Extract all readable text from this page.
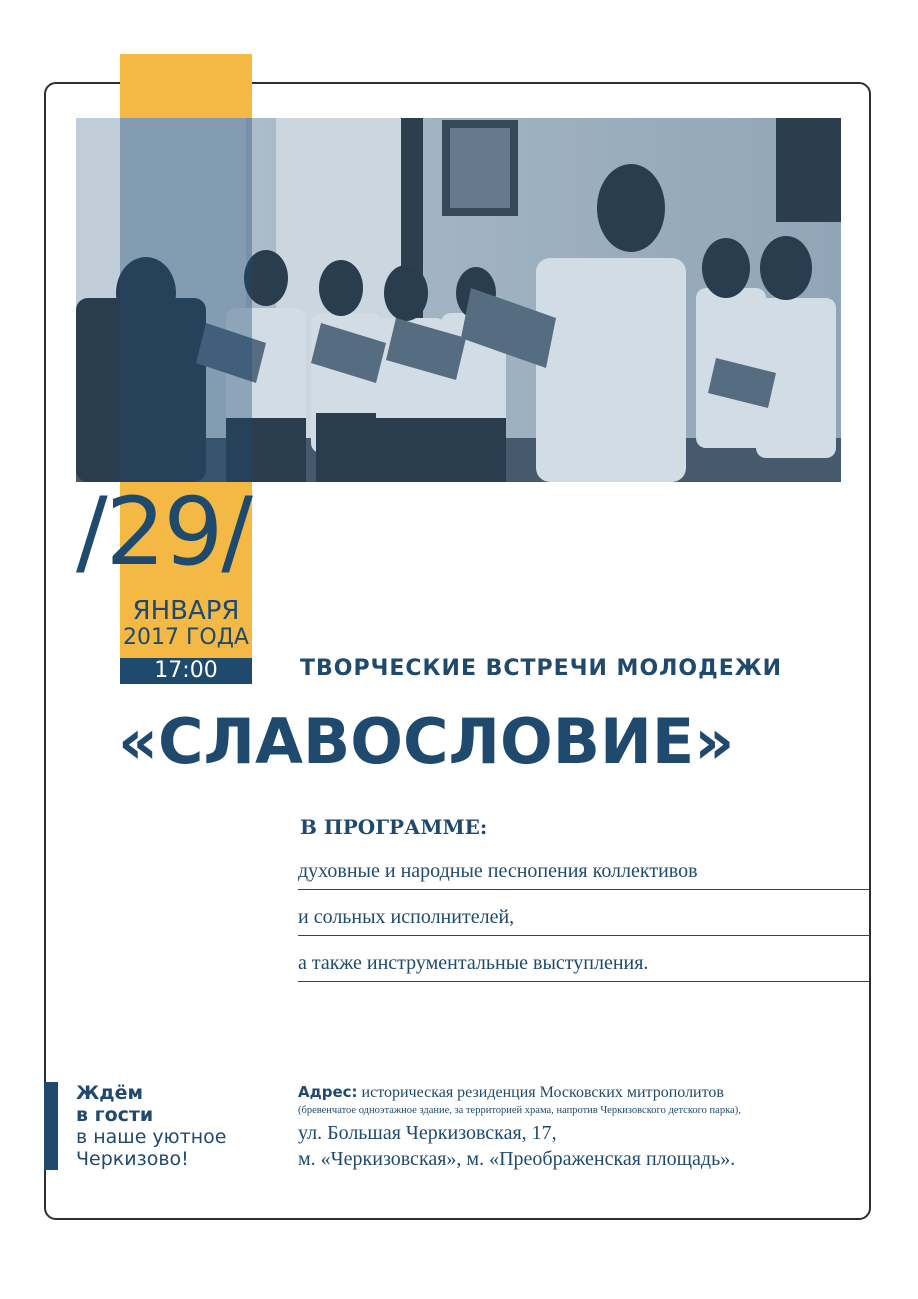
/29/
ЯНВАРЯ
2017 ГОДА
17:00	ТВОРЧЕСКИЕ ВСТРЕЧИ МОЛОДЕЖИ
«СЛАВОСЛОВИЕ»
В ПРОГРАММЕ:
духовные и народные песнопения коллективов
и сольных исполнителей,
а также инструментальные выступления.
Ждём
в гости
в наше уютное
Черкизово!
Адрес: историческая резиденция Московских митрополитов
(бревенчатое одноэтажное здание, за территорией храма, напротив Черкизовского детского парка),
ул. Большая Черкизовская, 17,
м. «Черкизовская», м. «Преображенская площадь».
